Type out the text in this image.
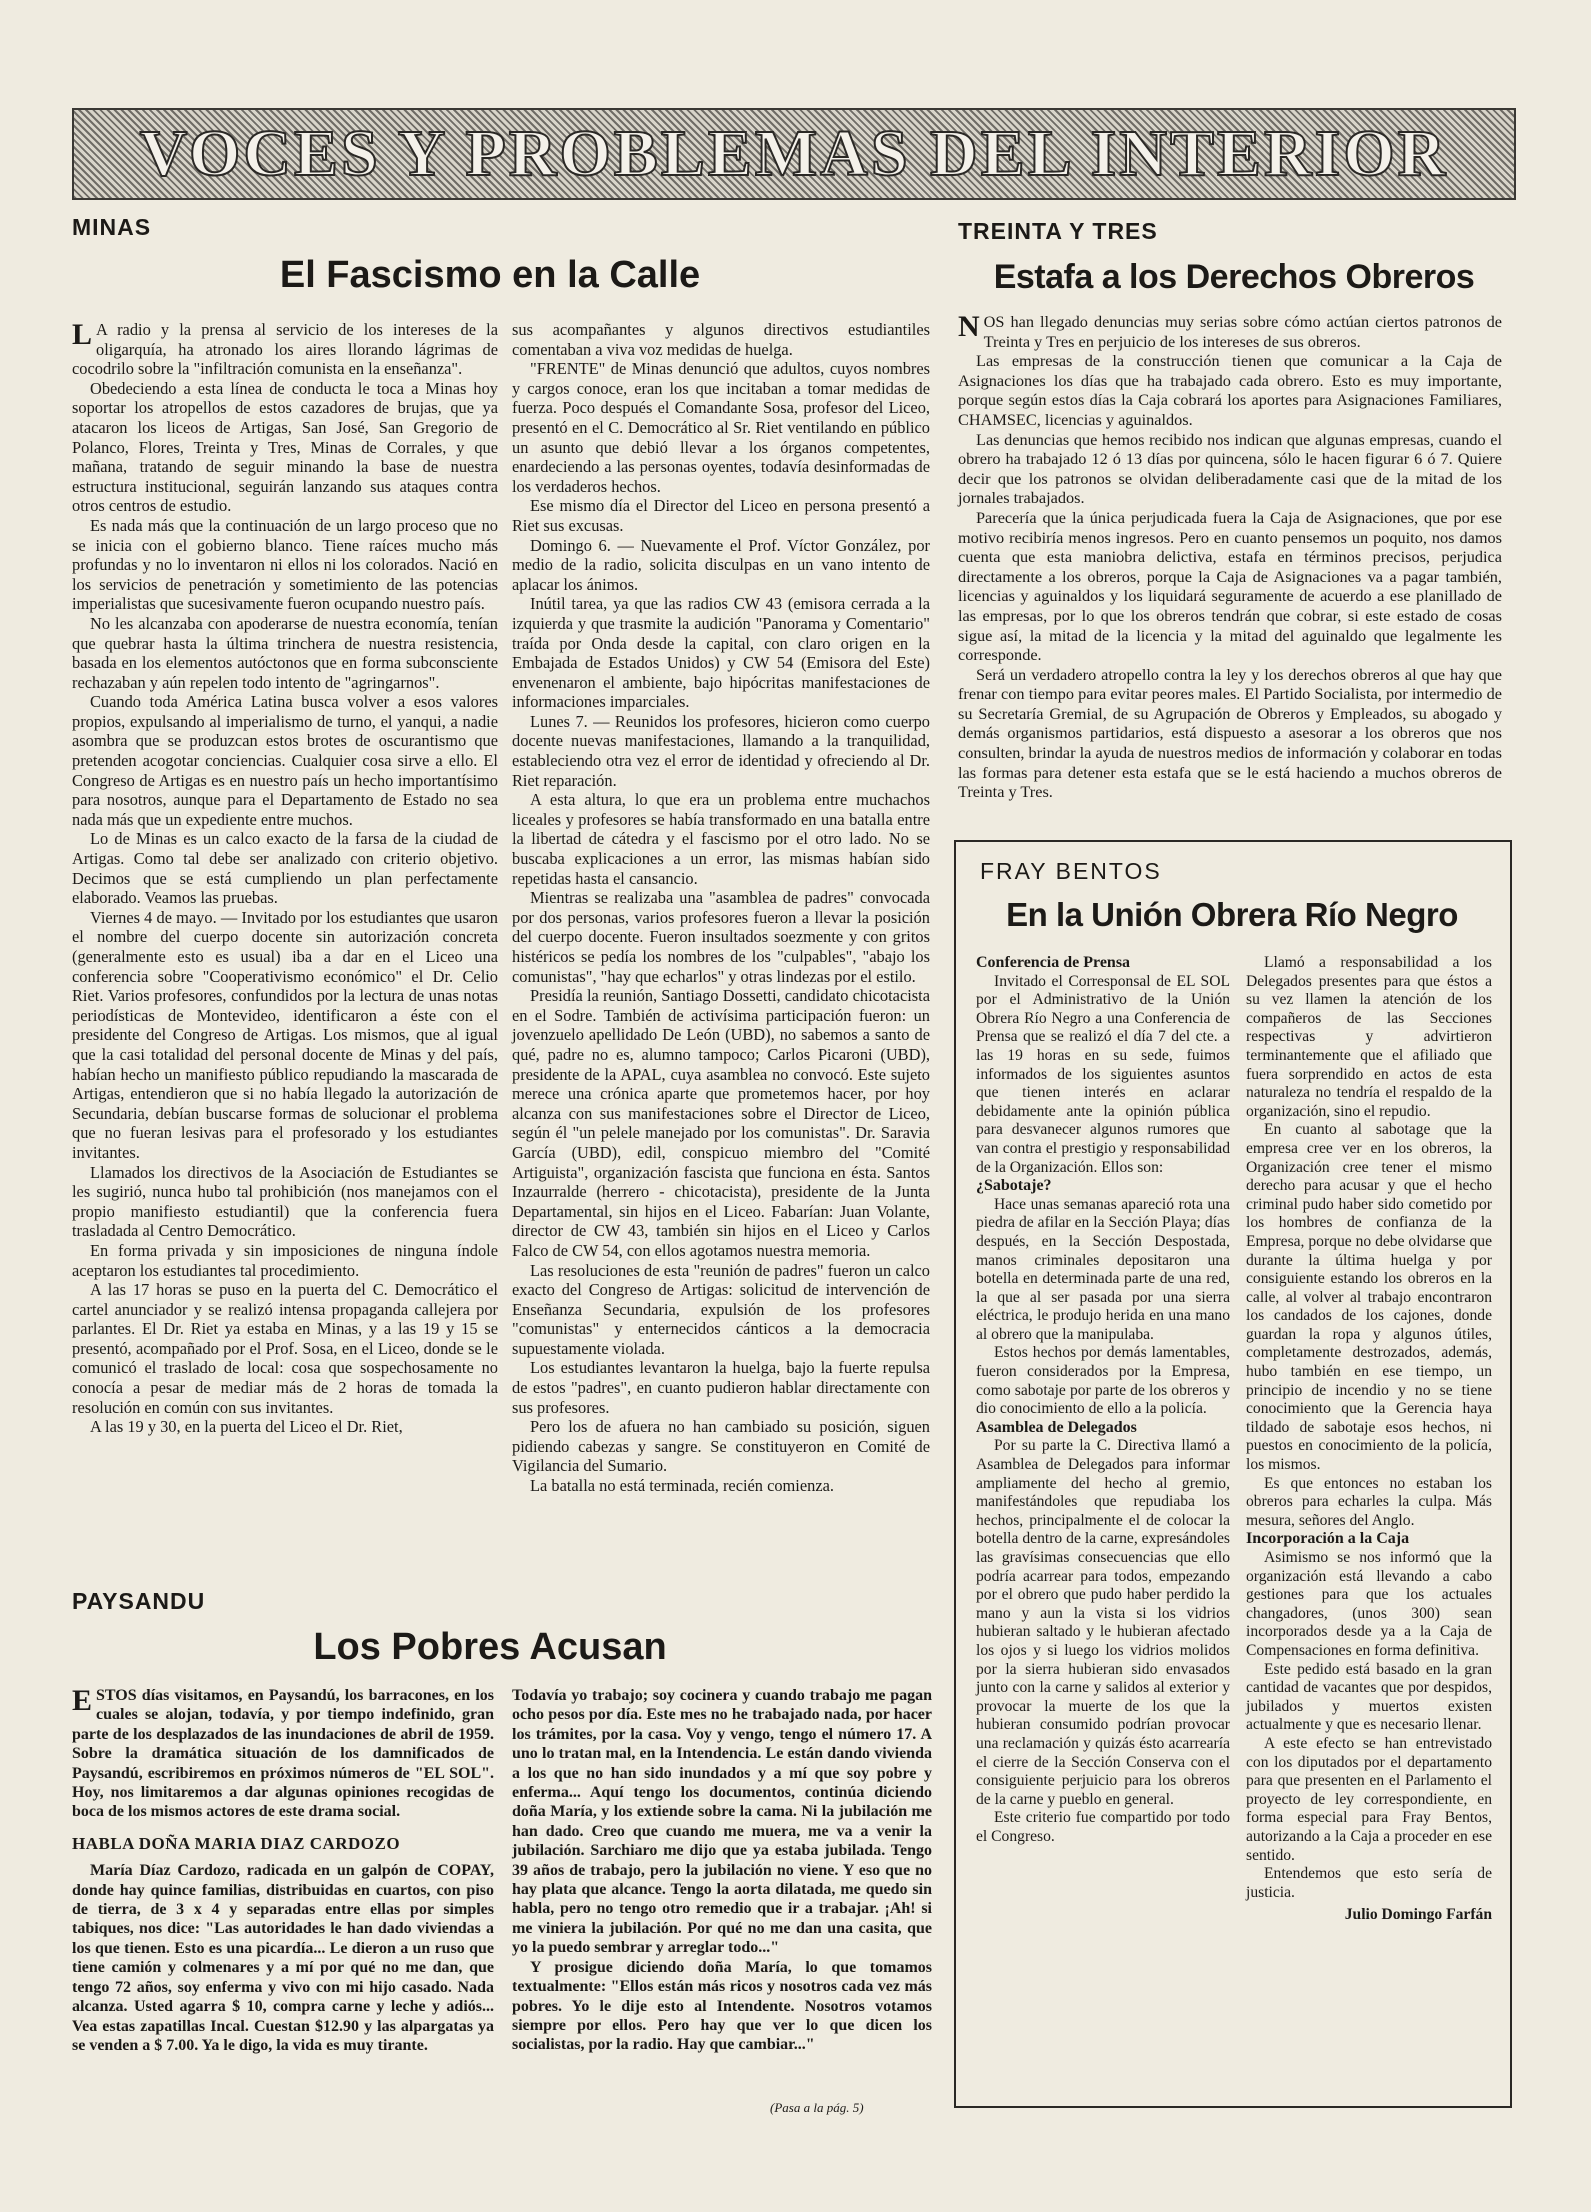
VOCES Y PROBLEMAS DEL INTERIOR
MINAS
El Fascismo en la Calle

L A radio y la prensa al servicio de los intereses de la oligarquía, ha atronado los aires llorando lágrimas de cocodrilo sobre la "infiltración comunista en la enseñanza".

Obedeciendo a esta línea de conducta le toca a Minas hoy soportar los atropellos de estos cazadores de brujas, que ya atacaron los liceos de Artigas, San José, San Gregorio de Polanco, Flores, Treinta y Tres, Minas de Corrales, y que mañana, tratando de seguir minando la base de nuestra estructura institucional, seguirán lanzando sus ataques contra otros centros de estudio.

Es nada más que la continuación de un largo proceso que no se inicia con el gobierno blanco. Tiene raíces mucho más profundas y no lo inventaron ni ellos ni los colorados. Nació en los servicios de penetración y sometimiento de las potencias imperialistas que sucesivamente fueron ocupando nuestro país.

No les alcanzaba con apoderarse de nuestra economía, tenían que quebrar hasta la última trinchera de nuestra resistencia, basada en los elementos autóctonos que en forma subconsciente rechazaban y aún repelen todo intento de "agringarnos".

Cuando toda América Latina busca volver a esos valores propios, expulsando al imperialismo de turno, el yanqui, a nadie asombra que se produzcan estos brotes de oscurantismo que pretenden acogotar conciencias. Cualquier cosa sirve a ello. El Congreso de Artigas es en nuestro país un hecho importantísimo para nosotros, aunque para el Departamento de Estado no sea nada más que un expediente entre muchos.

Lo de Minas es un calco exacto de la farsa de la ciudad de Artigas. Como tal debe ser analizado con criterio objetivo. Decimos que se está cumpliendo un plan perfectamente elaborado. Veamos las pruebas.

Viernes 4 de mayo. — Invitado por los estudiantes que usaron el nombre del cuerpo docente sin autorización concreta (generalmente esto es usual) iba a dar en el Liceo una conferencia sobre "Cooperativismo económico" el Dr. Celio Riet. Varios profesores, confundidos por la lectura de unas notas periodísticas de Montevideo, identificaron a éste con el presidente del Congreso de Artigas. Los mismos, que al igual que la casi totalidad del personal docente de Minas y del país, habían hecho un manifiesto público repudiando la mascarada de Artigas, entendieron que si no había llegado la autorización de Secundaria, debían buscarse formas de solucionar el problema que no fueran lesivas para el profesorado y los estudiantes invitantes.

Llamados los directivos de la Asociación de Estudiantes se les sugirió, nunca hubo tal prohibición (nos manejamos con el propio manifiesto estudiantil) que la conferencia fuera trasladada al Centro Democrático.

En forma privada y sin imposiciones de ninguna índole aceptaron los estudiantes tal procedimiento.

A las 17 horas se puso en la puerta del C. Democrático el cartel anunciador y se realizó intensa propaganda callejera por parlantes. El Dr. Riet ya estaba en Minas, y a las 19 y 15 se presentó, acompañado por el Prof. Sosa, en el Liceo, donde se le comunicó el traslado de local: cosa que sospechosamente no conocía a pesar de mediar más de 2 horas de tomada la resolución en común con sus invitantes.

A las 19 y 30, en la puerta del Liceo el Dr. Riet,

sus acompañantes y algunos directivos estudiantiles comentaban a viva voz medidas de huelga.

"FRENTE" de Minas denunció que adultos, cuyos nombres y cargos conoce, eran los que incitaban a tomar medidas de fuerza. Poco después el Comandante Sosa, profesor del Liceo, presentó en el C. Democrático al Sr. Riet ventilando en público un asunto que debió llevar a los órganos competentes, enardeciendo a las personas oyentes, todavía desinformadas de los verdaderos hechos.

Ese mismo día el Director del Liceo en persona presentó a Riet sus excusas.

Domingo 6. — Nuevamente el Prof. Víctor González, por medio de la radio, solicita disculpas en un vano intento de aplacar los ánimos.

Inútil tarea, ya que las radios CW 43 (emisora cerrada a la izquierda y que trasmite la audición "Panorama y Comentario" traída por Onda desde la capital, con claro origen en la Embajada de Estados Unidos) y CW 54 (Emisora del Este) envenenaron el ambiente, bajo hipócritas manifestaciones de informaciones imparciales.

Lunes 7. — Reunidos los profesores, hicieron como cuerpo docente nuevas manifestaciones, llamando a la tranquilidad, estableciendo otra vez el error de identidad y ofreciendo al Dr. Riet reparación.

A esta altura, lo que era un problema entre muchachos liceales y profesores se había transformado en una batalla entre la libertad de cátedra y el fascismo por el otro lado. No se buscaba explicaciones a un error, las mismas habían sido repetidas hasta el cansancio.

Mientras se realizaba una "asamblea de padres" convocada por dos personas, varios profesores fueron a llevar la posición del cuerpo docente. Fueron insultados soezmente y con gritos histéricos se pedía los nombres de los "culpables", "abajo los comunistas", "hay que echarlos" y otras lindezas por el estilo.

Presidía la reunión, Santiago Dossetti, candidato chicotacista en el Sodre. También de activísima participación fueron: un jovenzuelo apellidado De León (UBD), no sabemos a santo de qué, padre no es, alumno tampoco; Carlos Picaroni (UBD), presidente de la APAL, cuya asamblea no convocó. Este sujeto merece una crónica aparte que prometemos hacer, por hoy alcanza con sus manifestaciones sobre el Director de Liceo, según él "un pelele manejado por los comunistas". Dr. Saravia García (UBD), edil, conspicuo miembro del "Comité Artiguista", organización fascista que funciona en ésta. Santos Inzaurralde (herrero - chicotacista), presidente de la Junta Departamental, sin hijos en el Liceo. Fabarían: Juan Volante, director de CW 43, también sin hijos en el Liceo y Carlos Falco de CW 54, con ellos agotamos nuestra memoria.

Las resoluciones de esta "reunión de padres" fueron un calco exacto del Congreso de Artigas: solicitud de intervención de Enseñanza Secundaria, expulsión de los profesores "comunistas" y enternecidos cánticos a la democracia supuestamente violada.

Los estudiantes levantaron la huelga, bajo la fuerte repulsa de estos "padres", en cuanto pudieron hablar directamente con sus profesores.

Pero los de afuera no han cambiado su posición, siguen pidiendo cabezas y sangre. Se constituyeron en Comité de Vigilancia del Sumario.

La batalla no está terminada, recién comienza.

TREINTA Y TRES
Estafa a los Derechos Obreros

NOS han llegado denuncias muy serias sobre cómo actúan ciertos patronos de Treinta y Tres en perjuicio de los intereses de sus obreros.

Las empresas de la construcción tienen que comunicar a la Caja de Asignaciones los días que ha trabajado cada obrero. Esto es muy importante, porque según estos días la Caja cobrará los aportes para Asignaciones Familiares, CHAMSEC, licencias y aguinaldos.

Las denuncias que hemos recibido nos indican que algunas empresas, cuando el obrero ha trabajado 12 ó 13 días por quincena, sólo le hacen figurar 6 ó 7. Quiere decir que los patronos se olvidan deliberadamente casi que de la mitad de los jornales trabajados.

Parecería que la única perjudicada fuera la Caja de Asignaciones, que por ese motivo recibiría menos ingresos. Pero en cuanto pensemos un poquito, nos damos cuenta que esta maniobra delictiva, estafa en términos precisos, perjudica directamente a los obreros, porque la Caja de Asignaciones va a pagar también, licencias y aguinaldos y los liquidará seguramente de acuerdo a ese planillado de las empresas, por lo que los obreros tendrán que cobrar, si este estado de cosas sigue así, la mitad de la licencia y la mitad del aguinaldo que legalmente les corresponde.

Será un verdadero atropello contra la ley y los derechos obreros al que hay que frenar con tiempo para evitar peores males. El Partido Socialista, por intermedio de su Secretaría Gremial, de su Agrupación de Obreros y Empleados, su abogado y demás organismos partidarios, está dispuesto a asesorar a los obreros que nos consulten, brindar la ayuda de nuestros medios de información y colaborar en todas las formas para detener esta estafa que se le está haciendo a muchos obreros de Treinta y Tres.

FRAY BENTOS
En la Unión Obrera Río Negro

Conferencia de Prensa

Invitado el Corresponsal de EL SOL por el Administrativo de la Unión Obrera Río Negro a una Conferencia de Prensa que se realizó el día 7 del cte. a las 19 horas en su sede, fuimos informados de los siguientes asuntos que tienen interés en aclarar debidamente ante la opinión pública para desvanecer algunos rumores que van contra el prestigio y responsabilidad de la Organización. Ellos son:

¿Sabotaje?

Hace unas semanas apareció rota una piedra de afilar en la Sección Playa; días después, en la Sección Despostada, manos criminales depositaron una botella en determinada parte de una red, la que al ser pasada por una sierra eléctrica, le produjo herida en una mano al obrero que la manipulaba.

Estos hechos por demás lamentables, fueron considerados por la Empresa, como sabotaje por parte de los obreros y dio conocimiento de ello a la policía.

Asamblea de Delegados

Por su parte la C. Directiva llamó a Asamblea de Delegados para informar ampliamente del hecho al gremio, manifestándoles que repudiaba los hechos, principalmente el de colocar la botella dentro de la carne, expresándoles las gravísimas consecuencias que ello podría acarrear para todos, empezando por el obrero que pudo haber perdido la mano y aun la vista si los vidrios hubieran saltado y le hubieran afectado los ojos y si luego los vidrios molidos por la sierra hubieran sido envasados junto con la carne y salidos al exterior y provocar la muerte de los que la hubieran consumido podrían provocar una reclamación y quizás ésto acarrearía el cierre de la Sección Conserva con el consiguiente perjuicio para los obreros de la carne y pueblo en general.

Este criterio fue compartido por todo el Congreso.

Llamó a responsabilidad a los Delegados presentes para que éstos a su vez llamen la atención de los compañeros de las Secciones respectivas y advirtieron terminantemente que el afiliado que fuera sorprendido en actos de esta naturaleza no tendría el respaldo de la organización, sino el repudio.

En cuanto al sabotage que la empresa cree ver en los obreros, la Organización cree tener el mismo derecho para acusar y que el hecho criminal pudo haber sido cometido por los hombres de confianza de la Empresa, porque no debe olvidarse que durante la última huelga y por consiguiente estando los obreros en la calle, al volver al trabajo encontraron los candados de los cajones, donde guardan la ropa y algunos útiles, completamente destrozados, además, hubo también en ese tiempo, un principio de incendio y no se tiene conocimiento que la Gerencia haya tildado de sabotaje esos hechos, ni puestos en conocimiento de la policía, los mismos.

Es que entonces no estaban los obreros para echarles la culpa. Más mesura, señores del Anglo.

Incorporación a la Caja

Asimismo se nos informó que la organización está llevando a cabo gestiones para que los actuales changadores, (unos 300) sean incorporados desde ya a la Caja de Compensaciones en forma definitiva.

Este pedido está basado en la gran cantidad de vacantes que por despidos, jubilados y muertos existen actualmente y que es necesario llenar.

A este efecto se han entrevistado con los diputados por el departamento para que presenten en el Parlamento el proyecto de ley correspondiente, en forma especial para Fray Bentos, autorizando a la Caja a proceder en ese sentido.

Entendemos que esto sería de justicia.

Julio Domingo Farfán

PAYSANDU
Los Pobres Acusan

ESTOS días visitamos, en Paysandú, los barracones, en los cuales se alojan, todavía, y por tiempo indefinido, gran parte de los desplazados de las inundaciones de abril de 1959. Sobre la dramática situación de los damnificados de Paysandú, escribiremos en próximos números de "EL SOL". Hoy, nos limitaremos a dar algunas opiniones recogidas de boca de los mismos actores de este drama social.

HABLA DOÑA MARIA DIAZ CARDOZO

María Díaz Cardozo, radicada en un galpón de COPAY, donde hay quince familias, distribuidas en cuartos, con piso de tierra, de 3 x 4 y separadas entre ellas por simples tabiques, nos dice: "Las autoridades le han dado viviendas a los que tienen. Esto es una picardía... Le dieron a un ruso que tiene camión y colmenares y a mí por qué no me dan, que tengo 72 años, soy enferma y vivo con mi hijo casado. Nada alcanza. Usted agarra $ 10, compra carne y leche y adiós... Vea estas zapatillas Incal. Cuestan $12.90 y las alpargatas ya se venden a $ 7.00. Ya le digo, la vida es muy tirante.

Todavía yo trabajo; soy cocinera y cuando trabajo me pagan ocho pesos por día. Este mes no he trabajado nada, por hacer los trámites, por la casa. Voy y vengo, tengo el número 17. A uno lo tratan mal, en la Intendencia. Le están dando vivienda a los que no han sido inundados y a mí que soy pobre y enferma... Aquí tengo los documentos, continúa diciendo doña María, y los extiende sobre la cama. Ni la jubilación me han dado. Creo que cuando me muera, me va a venir la jubilación. Sarchiaro me dijo que ya estaba jubilada. Tengo 39 años de trabajo, pero la jubilación no viene. Y eso que no hay plata que alcance. Tengo la aorta dilatada, me quedo sin habla, pero no tengo otro remedio que ir a trabajar. ¡Ah! si me viniera la jubilación. Por qué no me dan una casita, que yo la puedo sembrar y arreglar todo..."

Y prosigue diciendo doña María, lo que tomamos textualmente: "Ellos están más ricos y nosotros cada vez más pobres. Yo le dije esto al Intendente. Nosotros votamos siempre por ellos. Pero hay que ver lo que dicen los socialistas, por la radio. Hay que cambiar..."

(Pasa a la pág. 5)
